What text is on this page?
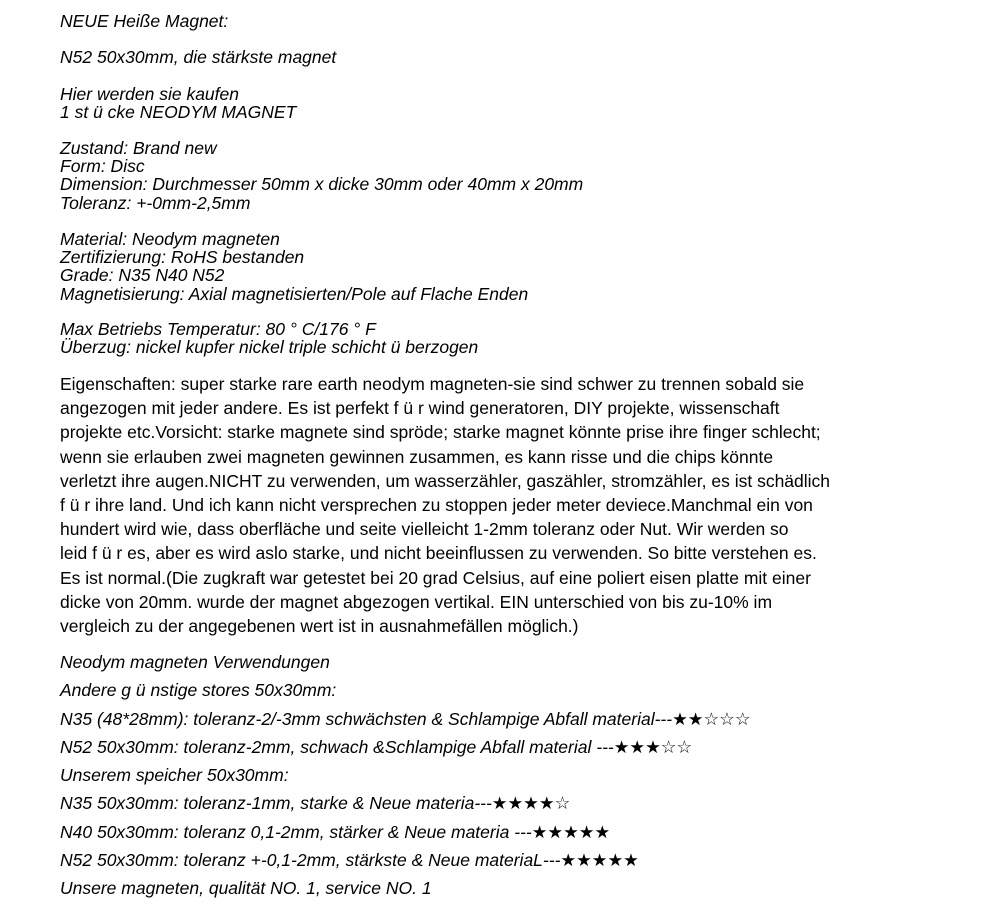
NEUE Heiße Magnet:
N52 50x30mm, die stärkste magnet
Hier werden sie kaufen
1 st ü cke NEODYM MAGNET
Zustand: Brand new
Form: Disc
Dimension: Durchmesser 50mm x dicke 30mm oder 40mm x 20mm
Toleranz: +-0mm-2,5mm
Material: Neodym magneten
Zertifizierung: RoHS bestanden
Grade: N35 N40 N52
Magnetisierung: Axial magnetisierten/Pole auf Flache Enden
Max Betriebs Temperatur: 80 ° C/176 ° F
Überzug: nickel kupfer nickel triple schicht ü berzogen
Eigenschaften: super starke rare earth neodym magneten-sie sind schwer zu trennen sobald sie
angezogen mit jeder andere. Es ist perfekt f ü r wind generatoren, DIY projekte, wissenschaft
projekte etc.Vorsicht: starke magnete sind spröde; starke magnet könnte prise ihre finger schlecht;
wenn sie erlauben zwei magneten gewinnen zusammen, es kann risse und die chips könnte
verletzt ihre augen.NICHT zu verwenden, um wasserzähler, gaszähler, stromzähler, es ist schädlich
f ü r ihre land. Und ich kann nicht versprechen zu stoppen jeder meter deviece.Manchmal ein von
hundert wird wie, dass oberfläche und seite vielleicht 1-2mm toleranz oder Nut. Wir werden so
leid f ü r es, aber es wird aslo starke, und nicht beeinflussen zu verwenden. So bitte verstehen es.
Es ist normal.(Die zugkraft war getestet bei 20 grad Celsius, auf eine poliert eisen platte mit einer
dicke von 20mm. wurde der magnet abgezogen vertikal. EIN unterschied von bis zu-10% im
vergleich zu der angegebenen wert ist in ausnahmefällen möglich.)
Neodym magneten Verwendungen
Andere g ü nstige stores 50x30mm:
N35 (48*28mm): toleranz-2/-3mm schwächsten & Schlampige Abfall material---★★☆☆☆
N52 50x30mm: toleranz-2mm, schwach &Schlampige Abfall material ---★★★☆☆
Unserem speicher 50x30mm:
N35 50x30mm: toleranz-1mm, starke & Neue materia---★★★★☆
N40 50x30mm: toleranz 0,1-2mm, stärker & Neue materia ---★★★★★
N52 50x30mm: toleranz +-0,1-2mm, stärkste & Neue materiaL---★★★★★
Unsere magneten, qualität NO. 1, service NO. 1
